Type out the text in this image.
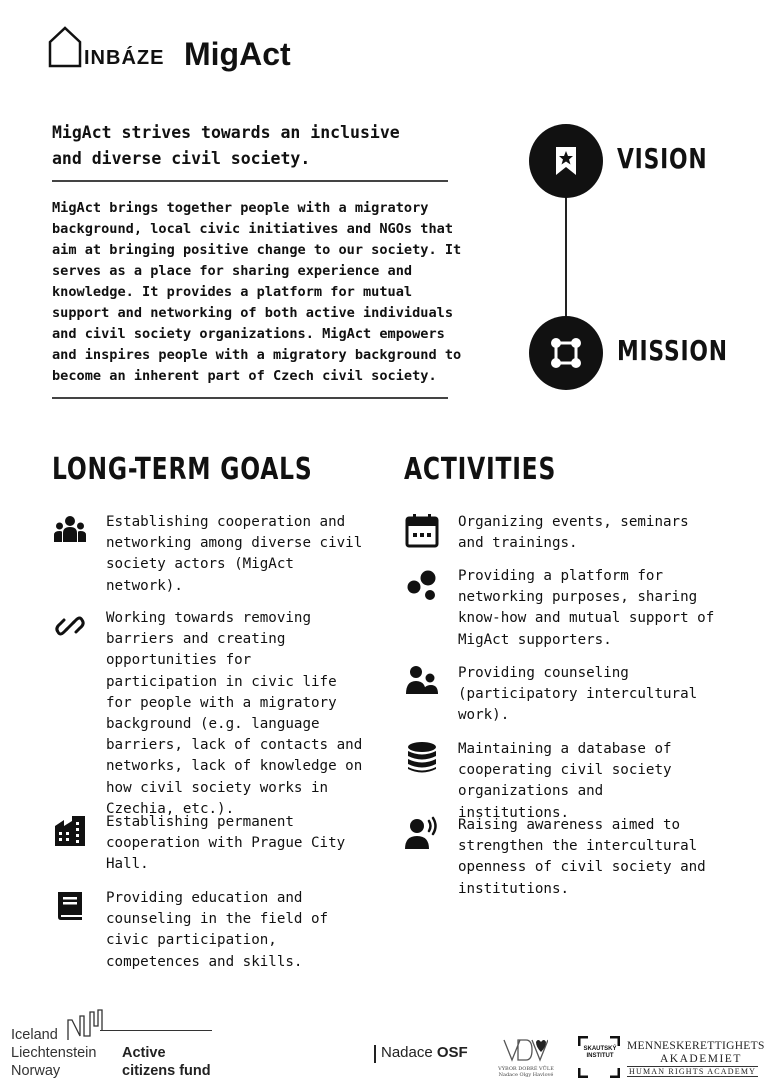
INBÁZE MigAct
MigAct strives towards an inclusive and diverse civil society.
MigAct brings together people with a migratory background, local civic initiatives and NGOs that aim at bringing positive change to our society. It serves as a place for sharing experience and knowledge. It provides a platform for mutual support and networking of both active individuals and civil society organizations. MigAct empowers and inspires people with a migratory background to become an inherent part of Czech civil society.
VISION
MISSION
LONG-TERM GOALS
Establishing cooperation and networking among diverse civil society actors (MigAct network).
Working towards removing barriers and creating opportunities for participation in civic life for people with a migratory background (e.g. language barriers, lack of contacts and networks, lack of knowledge on how civil society works in Czechia, etc.).
Establishing permanent cooperation with Prague City Hall.
Providing education and counseling in the field of civic participation, competences and skills.
ACTIVITIES
Organizing events, seminars and trainings.
Providing a platform for networking purposes, sharing know-how and mutual support of MigAct supporters.
Providing counseling (participatory intercultural work).
Maintaining a database of cooperating civil society organizations and institutions.
Raising awareness aimed to strengthen the intercultural openness of civil society and institutions.
Iceland
Liechtenstein
Norway
Active
citizens fund
Nadace OSF
VÝBOR DOBRÉ VŮLE Nadace Olgy Havlové
SKAUTSKÝ INSTITUT
MENNESKERETTIGHETS
AKADEMIET
HUMAN RIGHTS ACADEMY
